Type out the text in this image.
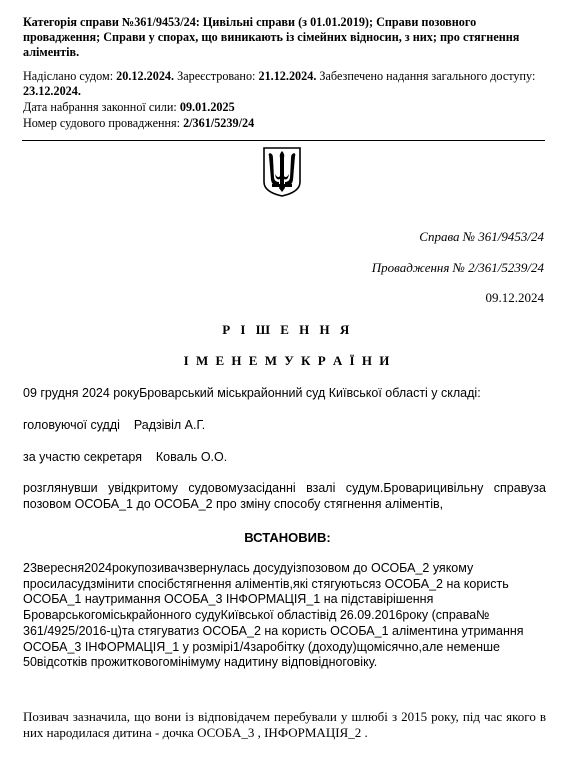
Категорія справи №361/9453/24: Цивільні справи (з 01.01.2019); Справи позовного провадження; Справи у спорах, що виникають із сімейних відносин, з них; про стягнення аліментів.
Надіслано судом: 20.12.2024. Зареєстровано: 21.12.2024. Забезпечено надання загального доступу: 23.12.2024.
Дата набрання законної сили: 09.01.2025
Номер судового провадження: 2/361/5239/24
Справа № 361/9453/24
Провадження № 2/361/5239/24
09.12.2024
Р І Ш Е Н Н Я
І М Е Н Е М У К Р А Ї Н И
09 грудня 2024 рокуБроварський міськрайонний суд Київської області у складі:
головуючої судді    Радзівіл А.Г.
за участю секретаря    Коваль О.О.
розглянувши увідкритому судовомузасіданні взалі судум.Броварицивільну справуза позовом ОСОБА_1 до ОСОБА_2 про зміну способу стягнення аліментів,
ВСТАНОВИВ:
23вересня2024рокупозивачзвернулась досудуізпозовом до ОСОБА_2 уякому просиласудзмінити спосібстягнення аліментів,які стягуютьсяз ОСОБА_2 на користь ОСОБА_1 наутримання ОСОБА_3 ІНФОРМАЦІЯ_1 на підставірішення Броварськогоміськрайонного судуКиївської областівід 26.09.2016року (справа№ 361/4925/2016-ц)та стягуватиз ОСОБА_2 на користь ОСОБА_1 аліментина утримання ОСОБА_3 ІНФОРМАЦІЯ_1 у розмірі1/4заробітку (доходу)щомісячно,але неменше 50відсотків прожитковогомінімуму надитину відповідноговіку.
Позивач зазначила, що вони із відповідачем перебували у шлюбі з 2015 року, під час якого в них народилася дитина - дочка ОСОБА_3 , ІНФОРМАЦІЯ_2 .
